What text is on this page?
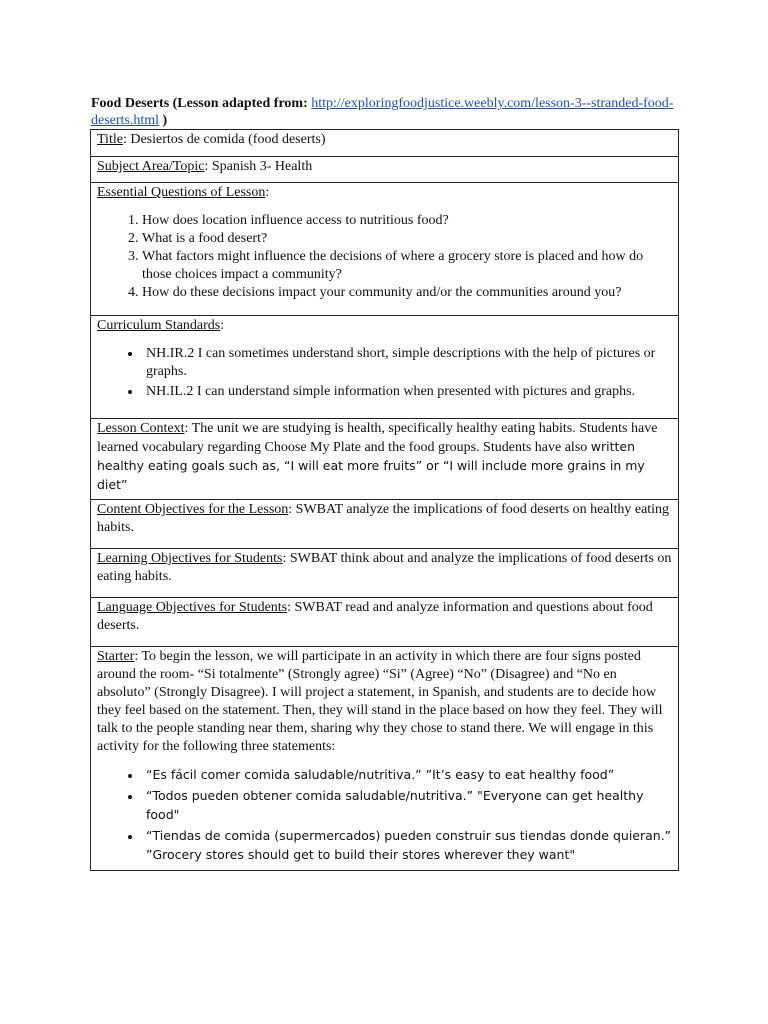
Food Deserts (Lesson adapted from: http://exploringfoodjustice.weebly.com/lesson-3--stranded-food-deserts.html )
Title: Desiertos de comida (food deserts)
Subject Area/Topic: Spanish 3- Health
Essential Questions of Lesson:
1. How does location influence access to nutritious food?
2. What is a food desert?
3. What factors might influence the decisions of where a grocery store is placed and how do those choices impact a community?
4. How do these decisions impact your community and/or the communities around you?

Curriculum Standards:
• NH.IR.2 I can sometimes understand short, simple descriptions with the help of pictures or graphs.
• NH.IL.2 I can understand simple information when presented with pictures and graphs.

Lesson Context: The unit we are studying is health, specifically healthy eating habits. Students have learned vocabulary regarding Choose My Plate and the food groups. Students have also written healthy eating goals such as, “I will eat more fruits” or “I will include more grains in my diet”
Content Objectives for the Lesson: SWBAT analyze the implications of food deserts on healthy eating habits.
Learning Objectives for Students: SWBAT think about and analyze the implications of food deserts on eating habits.
Language Objectives for Students: SWBAT read and analyze information and questions about food deserts.
Starter: To begin the lesson, we will participate in an activity in which there are four signs posted around the room- “Si totalmente” (Strongly agree) “Si” (Agree) “No” (Disagree) and “No en absoluto” (Strongly Disagree). I will project a statement, in Spanish, and students are to decide how they feel based on the statement. Then, they will stand in the place based on how they feel. They will talk to the people standing near them, sharing why they chose to stand there. We will engage in this activity for the following three statements:
• “Es fácil comer comida saludable/nutritiva.” ”It’s easy to eat healthy food”
• “Todos pueden obtener comida saludable/nutritiva.” "Everyone can get healthy food"
• “Tiendas de comida (supermercados) pueden construir sus tiendas donde quieran.” ”Grocery stores should get to build their stores wherever they want"
